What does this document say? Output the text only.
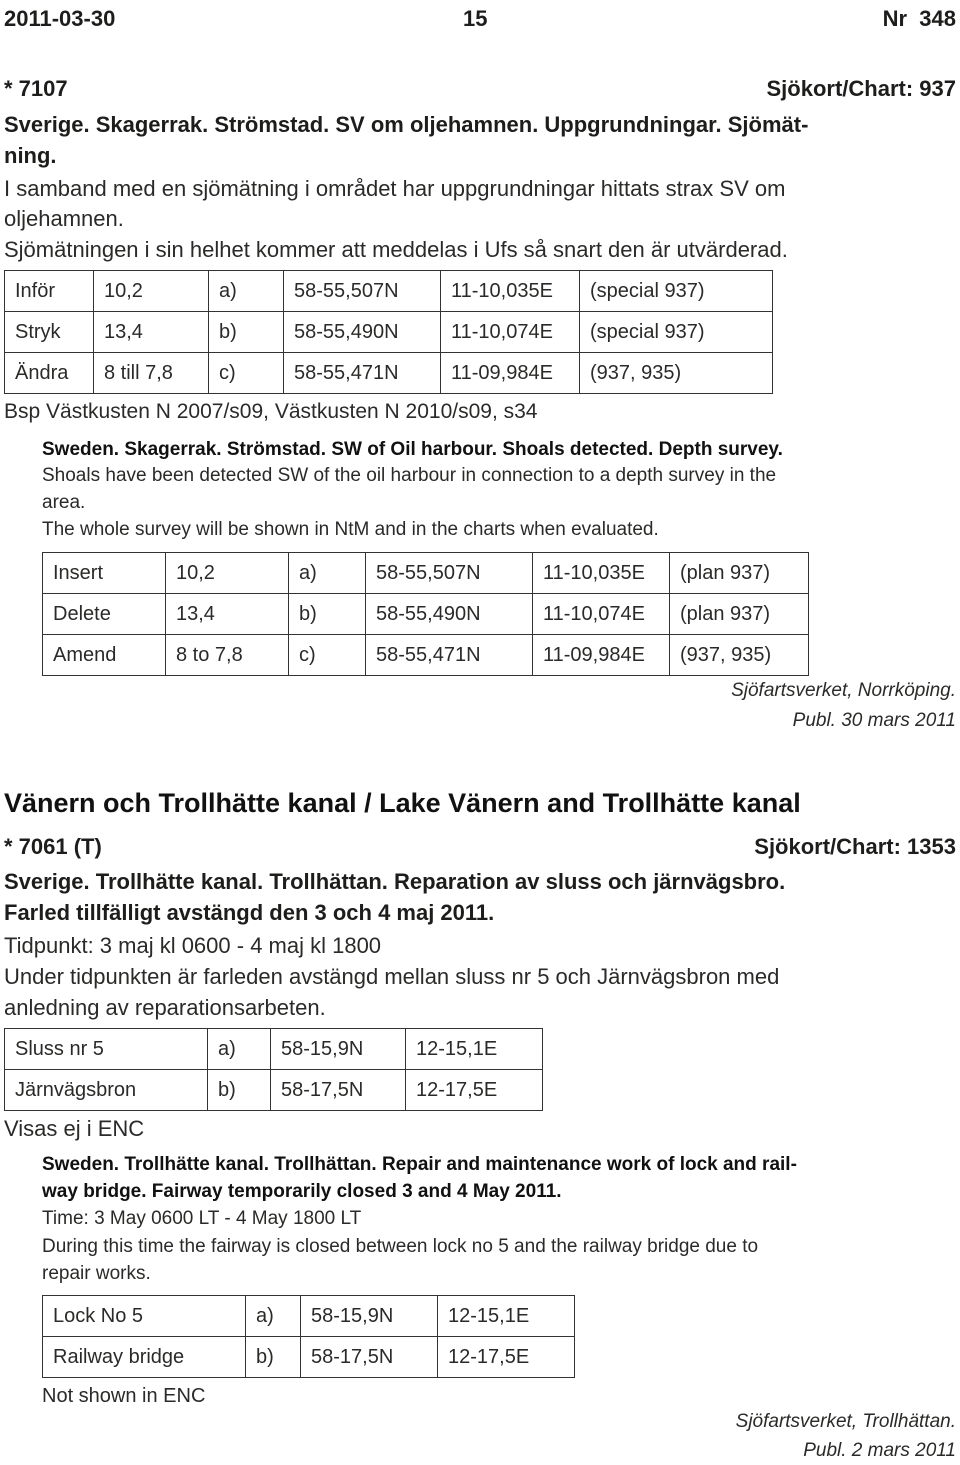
2011-03-30	15	Nr  348
* 7107	Sjökort/Chart: 937
Sverige. Skagerrak. Strömstad. SV om oljehamnen. Uppgrundningar. Sjömät-
ning.
I samband med en sjömätning i området har uppgrundningar hittats strax SV om
oljehamnen.
Sjömätningen i sin helhet kommer att meddelas i Ufs så snart den är utvärderad.
Inför	10,2	a)	58-55,507N	11-10,035E	(special 937)
Stryk	13,4	b)	58-55,490N	11-10,074E	(special 937)
Ändra	8 till 7,8	c)	58-55,471N	11-09,984E	(937, 935)
Bsp Västkusten N 2007/s09, Västkusten N 2010/s09, s34
Sweden. Skagerrak. Strömstad. SW of Oil harbour. Shoals detected. Depth survey.
Shoals have been detected SW of the oil harbour in connection to a depth survey in the
area.
The whole survey will be shown in NtM and in the charts when evaluated.
Insert	10,2	a)	58-55,507N	11-10,035E	(plan 937)
Delete	13,4	b)	58-55,490N	11-10,074E	(plan 937)
Amend	8 to 7,8	c)	58-55,471N	11-09,984E	(937, 935)
Sjöfartsverket, Norrköping.
Publ. 30 mars 2011
Vänern och Trollhätte kanal / Lake Vänern and Trollhätte kanal
* 7061 (T)	Sjökort/Chart: 1353
Sverige. Trollhätte kanal. Trollhättan. Reparation av sluss och järnvägsbro.
Farled tillfälligt avstängd den 3 och 4 maj 2011.
Tidpunkt: 3 maj kl 0600 - 4 maj kl 1800
Under tidpunkten är farleden avstängd mellan sluss nr 5 och Järnvägsbron med
anledning av reparationsarbeten.
Sluss nr 5	a)	58-15,9N	12-15,1E
Järnvägsbron	b)	58-17,5N	12-17,5E
Visas ej i ENC
Sweden. Trollhätte kanal. Trollhättan. Repair and maintenance work of lock and rail-
way bridge. Fairway temporarily closed 3 and 4 May 2011.
Time: 3 May 0600 LT - 4 May 1800 LT
During this time the fairway is closed between lock no 5 and the railway bridge due to
repair works.
Lock No 5	a)	58-15,9N	12-15,1E
Railway bridge	b)	58-17,5N	12-17,5E
Not shown in ENC
Sjöfartsverket, Trollhättan.
Publ. 2 mars 2011
